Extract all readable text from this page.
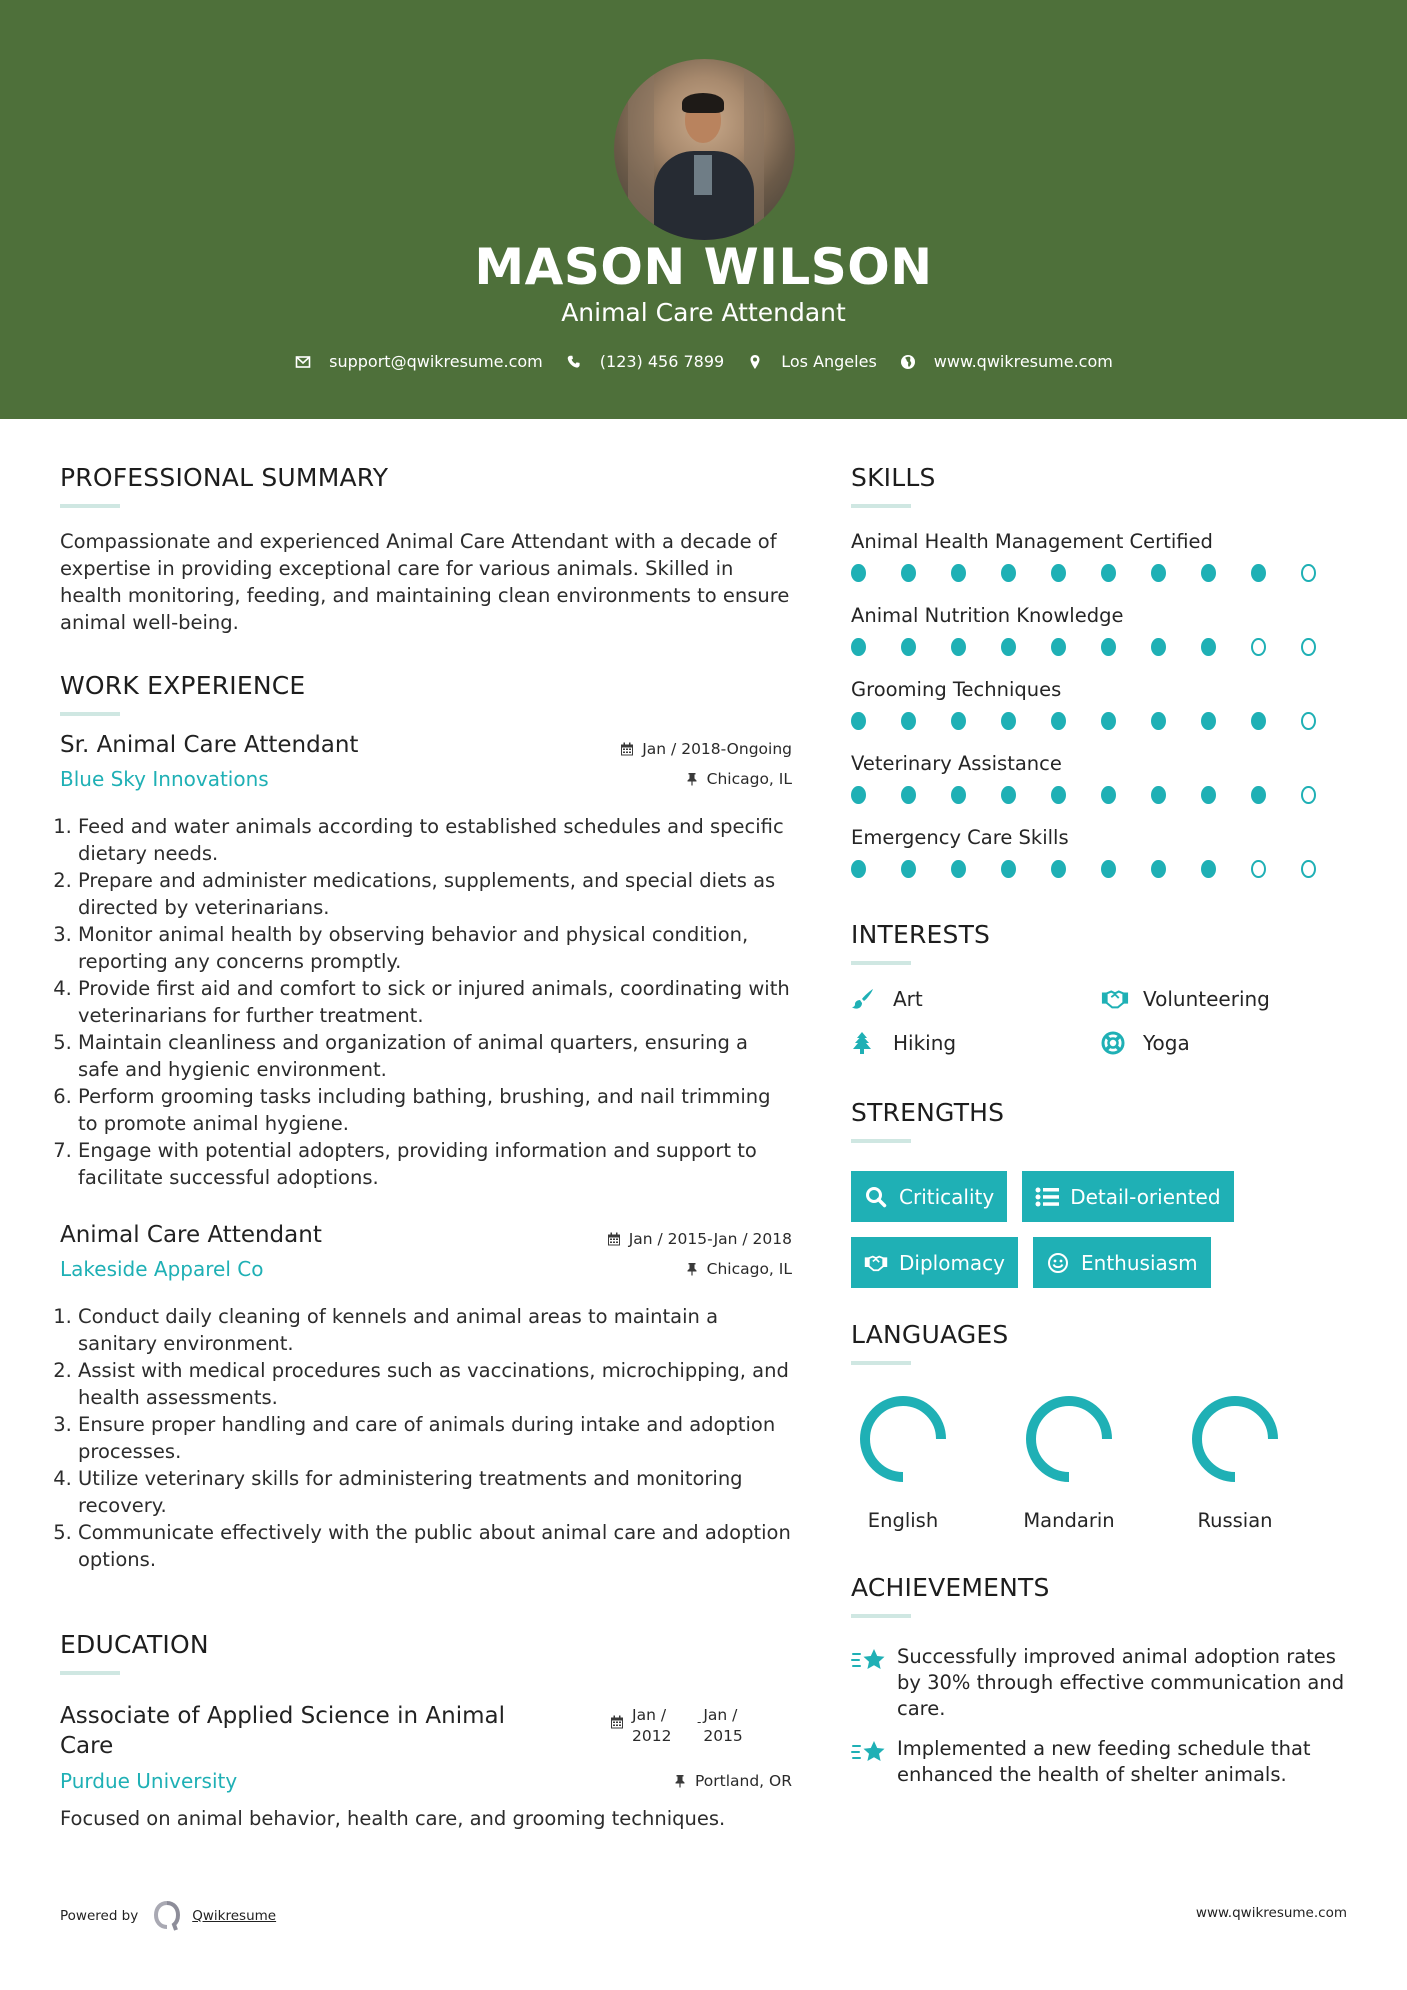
MASON WILSON
Animal Care Attendant
support@qwikresume.com	(123) 456 7899	Los Angeles	www.qwikresume.com
PROFESSIONAL SUMMARY
Compassionate and experienced Animal Care Attendant with a decade of expertise in providing exceptional care for various animals. Skilled in health monitoring, feeding, and maintaining clean environments to ensure animal well-being.
WORK EXPERIENCE
Sr. Animal Care Attendant	Jan / 2018-Ongoing
Blue Sky Innovations	Chicago, IL
1. Feed and water animals according to established schedules and specific dietary needs.
2. Prepare and administer medications, supplements, and special diets as directed by veterinarians.
3. Monitor animal health by observing behavior and physical condition, reporting any concerns promptly.
4. Provide first aid and comfort to sick or injured animals, coordinating with veterinarians for further treatment.
5. Maintain cleanliness and organization of animal quarters, ensuring a safe and hygienic environment.
6. Perform grooming tasks including bathing, brushing, and nail trimming to promote animal hygiene.
7. Engage with potential adopters, providing information and support to facilitate successful adoptions.
Animal Care Attendant	Jan / 2015-Jan / 2018
Lakeside Apparel Co	Chicago, IL
1. Conduct daily cleaning of kennels and animal areas to maintain a sanitary environment.
2. Assist with medical procedures such as vaccinations, microchipping, and health assessments.
3. Ensure proper handling and care of animals during intake and adoption processes.
4. Utilize veterinary skills for administering treatments and monitoring recovery.
5. Communicate effectively with the public about animal care and adoption options.
EDUCATION
Associate of Applied Science in Animal Care
Jan /
2012
- Jan /
2015
Purdue University	Portland, OR
Focused on animal behavior, health care, and grooming techniques.
SKILLS
Animal Health Management Certified
Animal Nutrition Knowledge
Grooming Techniques
Veterinary Assistance
Emergency Care Skills
INTERESTS
Art	Volunteering
Hiking	Yoga
STRENGTHS
Criticality	Detail-oriented
Diplomacy	Enthusiasm
LANGUAGES
English	Mandarin	Russian
ACHIEVEMENTS
Successfully improved animal adoption rates by 30% through effective communication and care.
Implemented a new feeding schedule that enhanced the health of shelter animals.
Powered by	Qwikresume	www.qwikresume.com
